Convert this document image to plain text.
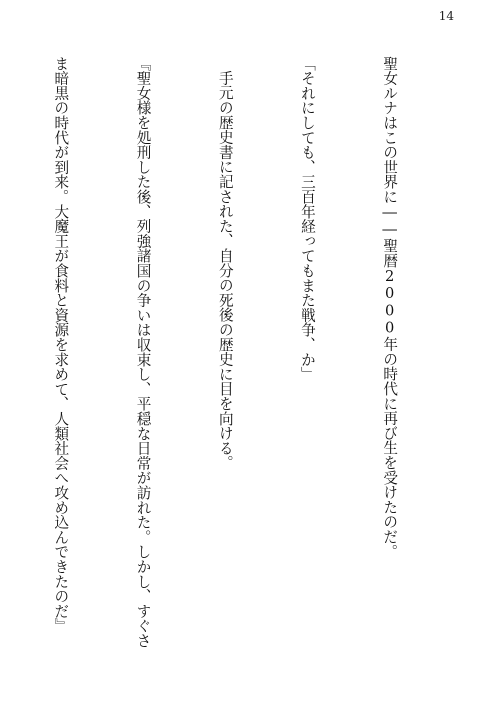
14

聖女ルナはこの世界に――聖暦2000年の時代に再び生を受けたのだ。

「それにしても、三百年経ってもまた戦争、か」

手元の歴史書に記された、自分の死後の歴史に目を向ける。

『聖女様を処刑した後、列強諸国の争いは収束し、平穏な日常が訪れた。しかし、すぐさ

ま暗黒の時代が到来。大魔王が食料と資源を求めて、人類社会へ攻め込んできたのだ』
